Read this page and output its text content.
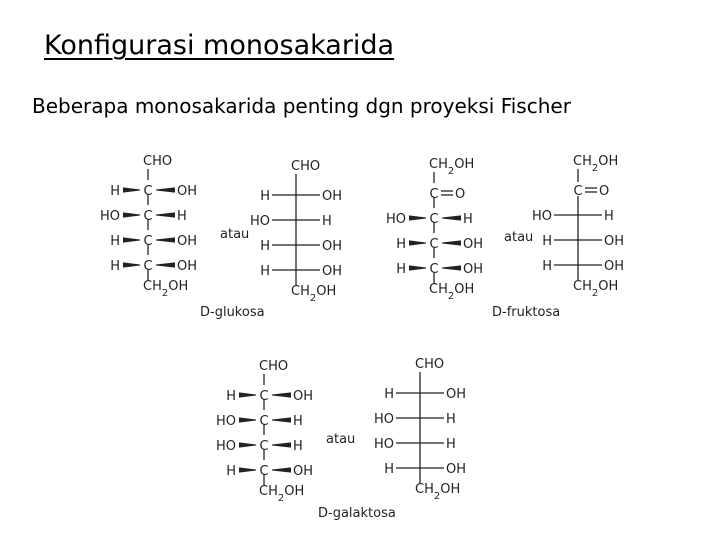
Konfigurasi monosakarida
Beberapa monosakarida penting dgn proyeksi Fischer
D-glukosa	D-fruktosa
D-galaktosa
CHO
C
H	OH
C
HO	H
C
H	OH
C
H	OH
$CH_2OH$
CHO
H	OH
HO	H
H	OH
H	OH
$CH_2OH$
$CH_2OH$
C O
C
HO	H
C
H	OH
C
H	OH
$CH_2OH$
$CH_2OH$
C O
HO	H
H	OH
H	OH
$CH_2OH$
CHO
C
H	OH
C
HO	H
C
HO	H
C
H	OH
$CH_2OH$
CHO
H	OH
HO	H
HO	H
H	OH
$CH_2OH$
atau	atau
atau
